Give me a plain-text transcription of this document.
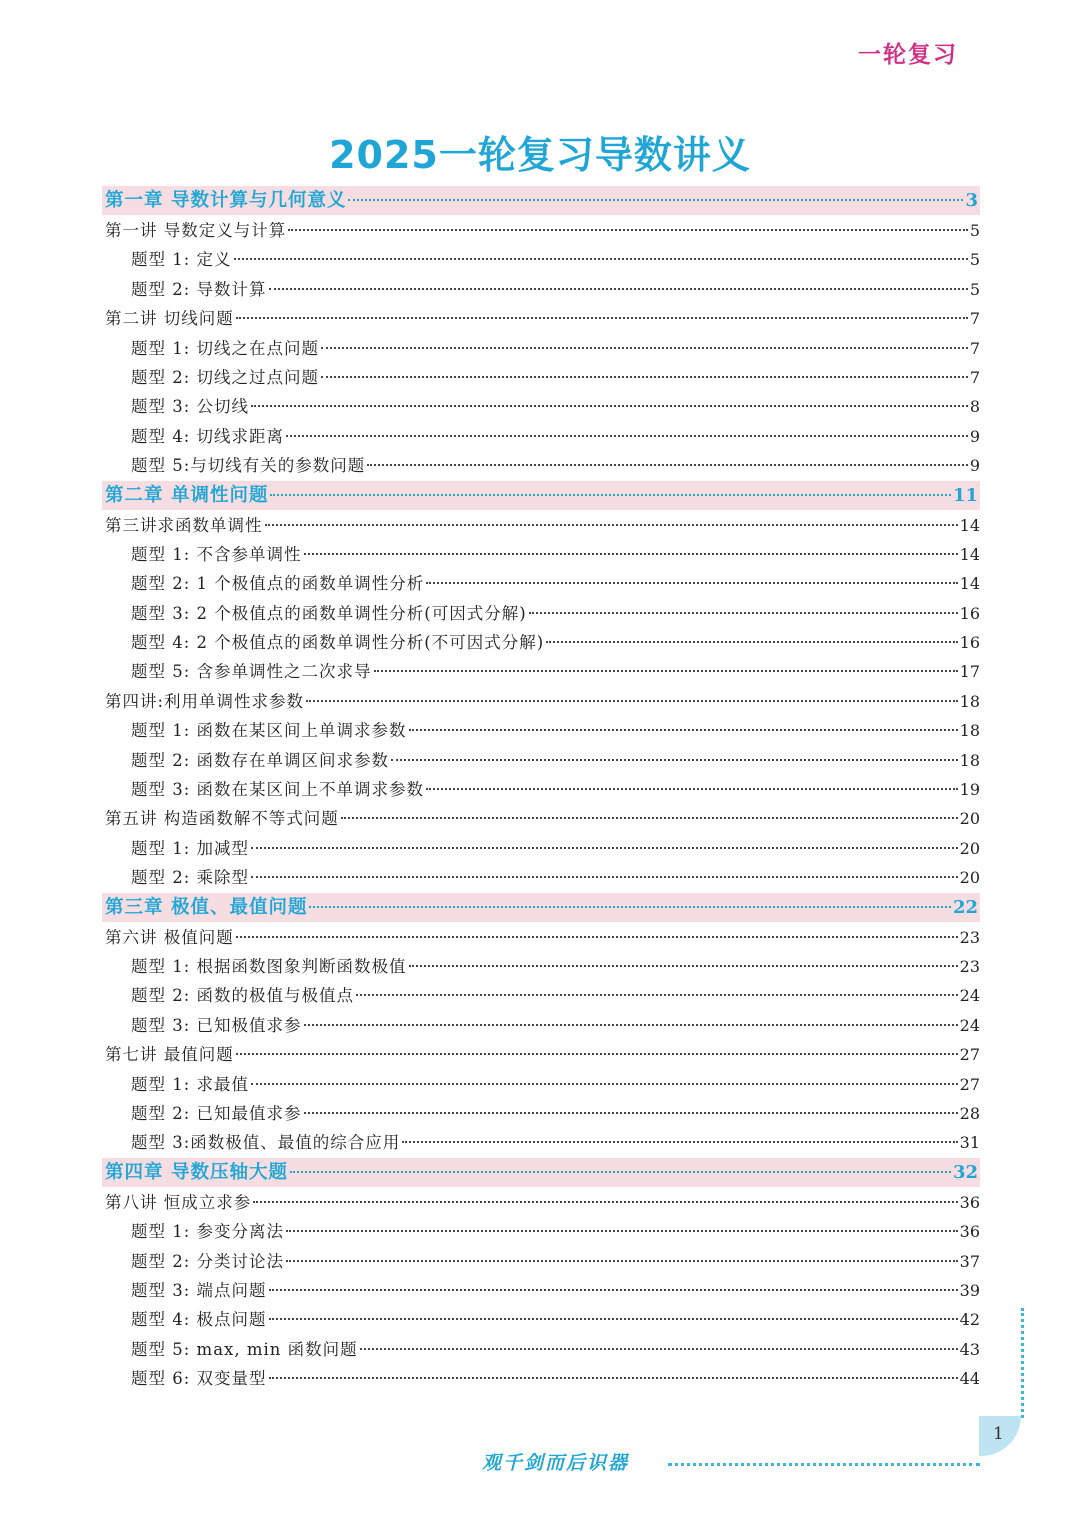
一轮复习
2025一轮复习导数讲义
第一章 导数计算与几何意义	3
第一讲 导数定义与计算	5
题型 1: 定义	5
题型 2: 导数计算	5
第二讲 切线问题	7
题型 1: 切线之在点问题	7
题型 2: 切线之过点问题	7
题型 3: 公切线	8
题型 4: 切线求距离	9
题型 5:与切线有关的参数问题	9
第二章 单调性问题	11
第三讲求函数单调性	14
题型 1: 不含参单调性	14
题型 2: 1 个极值点的函数单调性分析	14
题型 3: 2 个极值点的函数单调性分析(可因式分解)	16
题型 4: 2 个极值点的函数单调性分析(不可因式分解)	16
题型 5: 含参单调性之二次求导	17
第四讲:利用单调性求参数	18
题型 1: 函数在某区间上单调求参数	18
题型 2: 函数存在单调区间求参数	18
题型 3: 函数在某区间上不单调求参数	19
第五讲 构造函数解不等式问题	20
题型 1: 加减型	20
题型 2: 乘除型	20
第三章 极值、最值问题	22
第六讲 极值问题	23
题型 1: 根据函数图象判断函数极值	23
题型 2: 函数的极值与极值点	24
题型 3: 已知极值求参	24
第七讲 最值问题	27
题型 1: 求最值	27
题型 2: 已知最值求参	28
题型 3:函数极值、最值的综合应用	31
第四章 导数压轴大题	32
第八讲 恒成立求参	36
题型 1: 参变分离法	36
题型 2: 分类讨论法	37
题型 3: 端点问题	39
题型 4: 极点问题	42
题型 5: max, min 函数问题	43
题型 6: 双变量型	44
观千剑而后识器
1
